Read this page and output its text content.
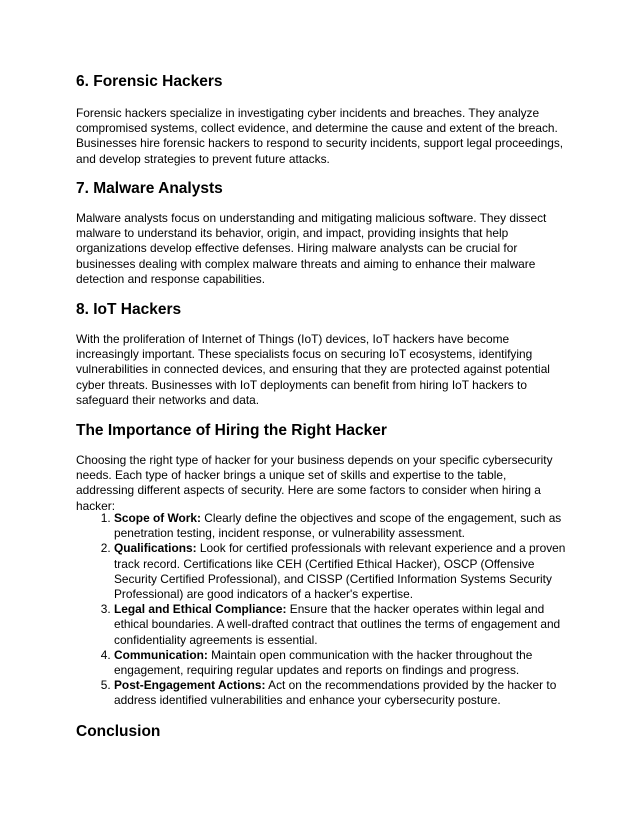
6. Forensic Hackers

Forensic hackers specialize in investigating cyber incidents and breaches. They analyze compromised systems, collect evidence, and determine the cause and extent of the breach. Businesses hire forensic hackers to respond to security incidents, support legal proceedings, and develop strategies to prevent future attacks.

7. Malware Analysts

Malware analysts focus on understanding and mitigating malicious software. They dissect malware to understand its behavior, origin, and impact, providing insights that help organizations develop effective defenses. Hiring malware analysts can be crucial for businesses dealing with complex malware threats and aiming to enhance their malware detection and response capabilities.

8. IoT Hackers

With the proliferation of Internet of Things (IoT) devices, IoT hackers have become increasingly important. These specialists focus on securing IoT ecosystems, identifying vulnerabilities in connected devices, and ensuring that they are protected against potential cyber threats. Businesses with IoT deployments can benefit from hiring IoT hackers to safeguard their networks and data.

The Importance of Hiring the Right Hacker

Choosing the right type of hacker for your business depends on your specific cybersecurity needs. Each type of hacker brings a unique set of skills and expertise to the table, addressing different aspects of security. Here are some factors to consider when hiring a hacker:

1. Scope of Work: Clearly define the objectives and scope of the engagement, such as penetration testing, incident response, or vulnerability assessment.
2. Qualifications: Look for certified professionals with relevant experience and a proven track record. Certifications like CEH (Certified Ethical Hacker), OSCP (Offensive Security Certified Professional), and CISSP (Certified Information Systems Security Professional) are good indicators of a hacker's expertise.
3. Legal and Ethical Compliance: Ensure that the hacker operates within legal and ethical boundaries. A well-drafted contract that outlines the terms of engagement and confidentiality agreements is essential.
4. Communication: Maintain open communication with the hacker throughout the engagement, requiring regular updates and reports on findings and progress.
5. Post-Engagement Actions: Act on the recommendations provided by the hacker to address identified vulnerabilities and enhance your cybersecurity posture.
Conclusion
